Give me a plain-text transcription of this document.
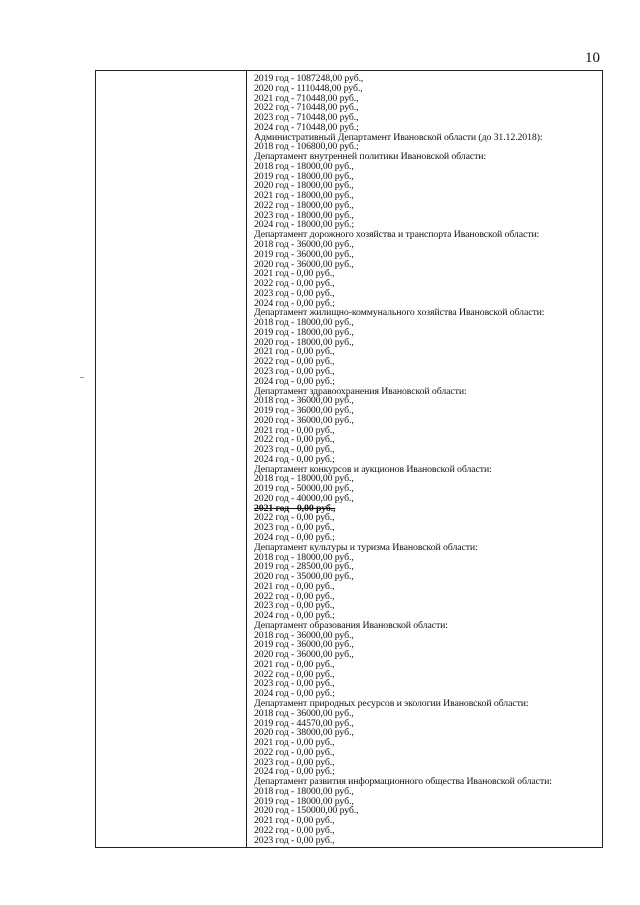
10
2019 год - 1087248,00 руб.,
2020 год - 1110448,00 руб.,
2021 год - 710448,00 руб.,
2022 год - 710448,00 руб.,
2023 год - 710448,00 руб.,
2024 год - 710448,00 руб.;
Административный Департамент Ивановской области (до 31.12.2018):
2018 год - 106800,00 руб.;
Департамент внутренней политики Ивановской области:
2018 год - 18000,00 руб.,
2019 год - 18000,00 руб.,
2020 год - 18000,00 руб.,
2021 год - 18000,00 руб.,
2022 год - 18000,00 руб.,
2023 год - 18000,00 руб.,
2024 год - 18000,00 руб.;
Департамент дорожного хозяйства и транспорта Ивановской области:
2018 год - 36000,00 руб.,
2019 год - 36000,00 руб.,
2020 год - 36000,00 руб.,
2021 год - 0,00 руб.,
2022 год - 0,00 руб.,
2023 год - 0,00 руб.,
2024 год - 0,00 руб.;
Департамент жилищно-коммунального хозяйства Ивановской области:
2018 год - 18000,00 руб.,
2019 год - 18000,00 руб.,
2020 год - 18000,00 руб.,
2021 год - 0,00 руб.,
2022 год - 0,00 руб.,
2023 год - 0,00 руб.,
2024 год - 0,00 руб.;
Департамент здравоохранения Ивановской области:
2018 год - 36000,00 руб.,
2019 год - 36000,00 руб.,
2020 год - 36000,00 руб.,
2021 год - 0,00 руб.,
2022 год - 0,00 руб.,
2023 год - 0,00 руб.,
2024 год - 0,00 руб.;
Департамент конкурсов и аукционов Ивановской области:
2018 год - 18000,00 руб.,
2019 год - 50000,00 руб.,
2020 год - 40000,00 руб.,
2021 год - 0,00 руб.,
2022 год - 0,00 руб.,
2023 год - 0,00 руб.,
2024 год - 0,00 руб.;
Департамент культуры и туризма Ивановской области:
2018 год - 18000,00 руб.,
2019 год - 28500,00 руб.,
2020 год - 35000,00 руб.,
2021 год - 0,00 руб.,
2022 год - 0,00 руб.,
2023 год - 0,00 руб.,
2024 год - 0,00 руб.;
Департамент образования Ивановской области:
2018 год - 36000,00 руб.,
2019 год - 36000,00 руб.,
2020 год - 36000,00 руб.,
2021 год - 0,00 руб.,
2022 год - 0,00 руб.,
2023 год - 0,00 руб.,
2024 год - 0,00 руб.;
Департамент природных ресурсов и экологии Ивановской области:
2018 год - 36000,00 руб.,
2019 год - 44570,00 руб.,
2020 год - 38000,00 руб.,
2021 год - 0,00 руб.,
2022 год - 0,00 руб.,
2023 год - 0,00 руб.,
2024 год - 0,00 руб.;
Департамент развития информационного общества Ивановской области:
2018 год - 18000,00 руб.,
2019 год - 18000,00 руб.,
2020 год - 150000,00 руб.,
2021 год - 0,00 руб.,
2022 год - 0,00 руб.,
2023 год - 0,00 руб.,
